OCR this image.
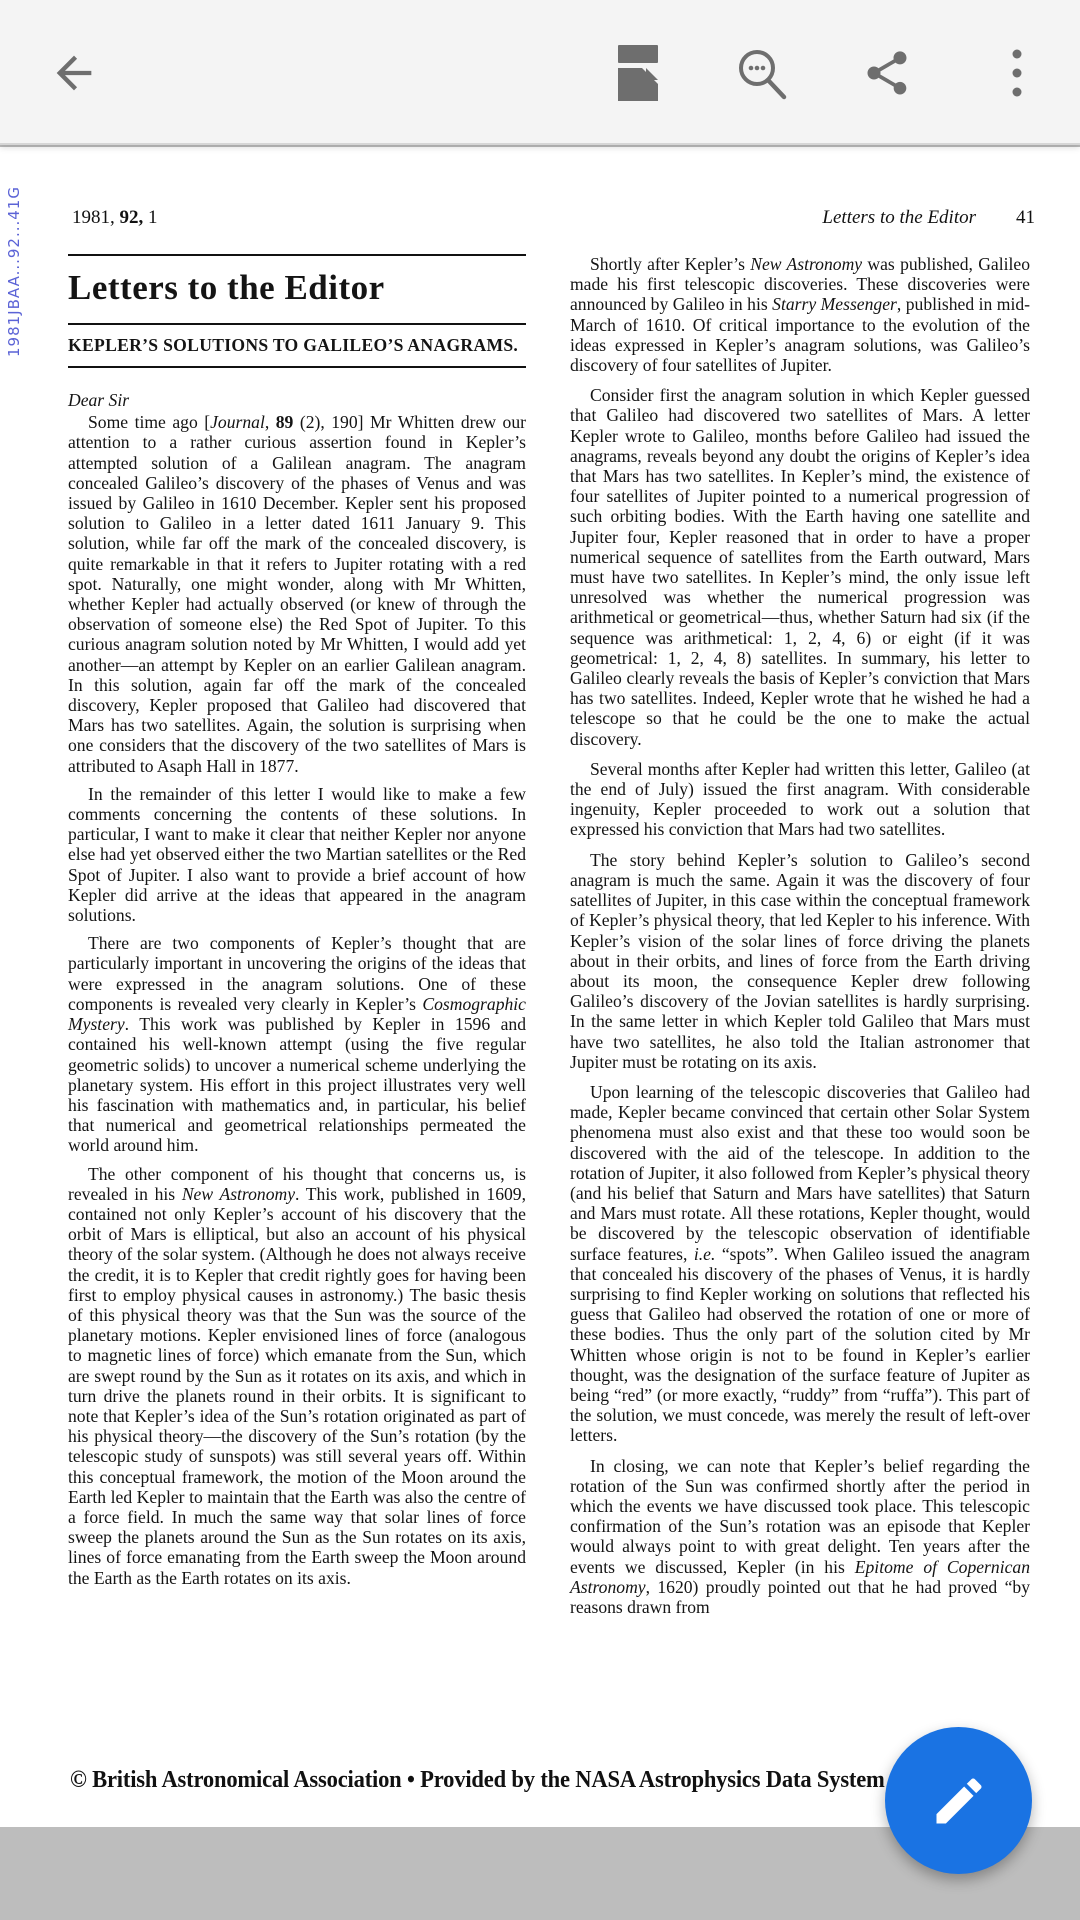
1981JBAA...92...41G	1981, 92, 1	Letters to the Editor 41
Letters to the Editor
KEPLER’S SOLUTIONS TO GALILEO’S ANAGRAMS.
Dear Sir

Some time ago [Journal, 89 (2), 190] Mr Whitten drew our attention to a rather curious assertion found in Kepler’s attempted solution of a Galilean anagram. The anagram concealed Galileo’s discovery of the phases of Venus and was issued by Galileo in 1610 December. Kepler sent his proposed solution to Galileo in a letter dated 1611 January 9. This solution, while far off the mark of the concealed discovery, is quite remarkable in that it refers to Jupiter rotating with a red spot. Naturally, one might wonder, along with Mr Whitten, whether Kepler had actually observed (or knew of through the observation of someone else) the Red Spot of Jupiter. To this curious anagram solution noted by Mr Whitten, I would add yet another—an attempt by Kepler on an earlier Galilean anagram. In this solution, again far off the mark of the concealed discovery, Kepler proposed that Galileo had discovered that Mars has two satellites. Again, the solution is surprising when one considers that the discovery of the two satellites of Mars is attributed to Asaph Hall in 1877.

In the remainder of this letter I would like to make a few comments concerning the contents of these solutions. In particular, I want to make it clear that neither Kepler nor anyone else had yet observed either the two Martian satellites or the Red Spot of Jupiter. I also want to provide a brief account of how Kepler did arrive at the ideas that appeared in the anagram solutions.

There are two components of Kepler’s thought that are particularly important in uncovering the origins of the ideas that were expressed in the anagram solutions. One of these components is revealed very clearly in Kepler’s Cosmographic Mystery. This work was published by Kepler in 1596 and contained his well-known attempt (using the five regular geometric solids) to uncover a numerical scheme underlying the planetary system. His effort in this project illustrates very well his fascination with mathematics and, in particular, his belief that numerical and geometrical relationships permeated the world around him.

The other component of his thought that concerns us, is revealed in his New Astronomy. This work, published in 1609, contained not only Kepler’s account of his discovery that the orbit of Mars is elliptical, but also an account of his physical theory of the solar system. (Although he does not always receive the credit, it is to Kepler that credit rightly goes for having been first to employ physical causes in astronomy.) The basic thesis of this physical theory was that the Sun was the source of the planetary motions. Kepler envisioned lines of force (analogous to magnetic lines of force) which emanate from the Sun, which are swept round by the Sun as it rotates on its axis, and which in turn drive the planets round in their orbits. It is significant to note that Kepler’s idea of the Sun’s rotation originated as part of his physical theory—the discovery of the Sun’s rotation (by the telescopic study of sunspots) was still several years off. Within this conceptual framework, the motion of the Moon around the Earth led Kepler to maintain that the Earth was also the centre of a force field. In much the same way that solar lines of force sweep the planets around the Sun as the Sun rotates on its axis, lines of force emanating from the Earth sweep the Moon around the Earth as the Earth rotates on its axis.

Shortly after Kepler’s New Astronomy was published, Galileo made his first telescopic discoveries. These discoveries were announced by Galileo in his Starry Messenger, published in mid-March of 1610. Of critical importance to the evolution of the ideas expressed in Kepler’s anagram solutions, was Galileo’s discovery of four satellites of Jupiter.

Consider first the anagram solution in which Kepler guessed that Galileo had discovered two satellites of Mars. A letter Kepler wrote to Galileo, months before Galileo had issued the anagrams, reveals beyond any doubt the origins of Kepler’s idea that Mars has two satellites. In Kepler’s mind, the existence of four satellites of Jupiter pointed to a numerical progression of such orbiting bodies. With the Earth having one satellite and Jupiter four, Kepler reasoned that in order to have a proper numerical sequence of satellites from the Earth outward, Mars must have two satellites. In Kepler’s mind, the only issue left unresolved was whether the numerical progression was arithmetical or geometrical—thus, whether Saturn had six (if the sequence was arithmetical: 1, 2, 4, 6) or eight (if it was geometrical: 1, 2, 4, 8) satellites. In summary, his letter to Galileo clearly reveals the basis of Kepler’s conviction that Mars has two satellites. Indeed, Kepler wrote that he wished he had a telescope so that he could be the one to make the actual discovery.

Several months after Kepler had written this letter, Galileo (at the end of July) issued the first anagram. With considerable ingenuity, Kepler proceeded to work out a solution that expressed his conviction that Mars had two satellites.

The story behind Kepler’s solution to Galileo’s second anagram is much the same. Again it was the discovery of four satellites of Jupiter, in this case within the conceptual framework of Kepler’s physical theory, that led Kepler to his inference. With Kepler’s vision of the solar lines of force driving the planets about in their orbits, and lines of force from the Earth driving about its moon, the consequence Kepler drew following Galileo’s discovery of the Jovian satellites is hardly surprising. In the same letter in which Kepler told Galileo that Mars must have two satellites, he also told the Italian astronomer that Jupiter must be rotating on its axis.

Upon learning of the telescopic discoveries that Galileo had made, Kepler became convinced that certain other Solar System phenomena must also exist and that these too would soon be discovered with the aid of the telescope. In addition to the rotation of Jupiter, it also followed from Kepler’s physical theory (and his belief that Saturn and Mars have satellites) that Saturn and Mars must rotate. All these rotations, Kepler thought, would be discovered by the telescopic observation of identifiable surface features, i.e. “spots”. When Galileo issued the anagram that concealed his discovery of the phases of Venus, it is hardly surprising to find Kepler working on solutions that reflected his guess that Galileo had observed the rotation of one or more of these bodies. Thus the only part of the solution cited by Mr Whitten whose origin is not to be found in Kepler’s earlier thought, was the designation of the surface feature of Jupiter as being “red” (or more exactly, “ruddy” from “ruffa”). This part of the solution, we must concede, was merely the result of left-over letters.

In closing, we can note that Kepler’s belief regarding the rotation of the Sun was confirmed shortly after the period in which the events we have discussed took place. This telescopic confirmation of the Sun’s rotation was an episode that Kepler would always point to with great delight. Ten years after the events we discussed, Kepler (in his Epitome of Copernican Astronomy, 1620) proudly pointed out that he had proved “by reasons drawn from

© British Astronomical Association • Provided by the NASA Astrophysics Data System
